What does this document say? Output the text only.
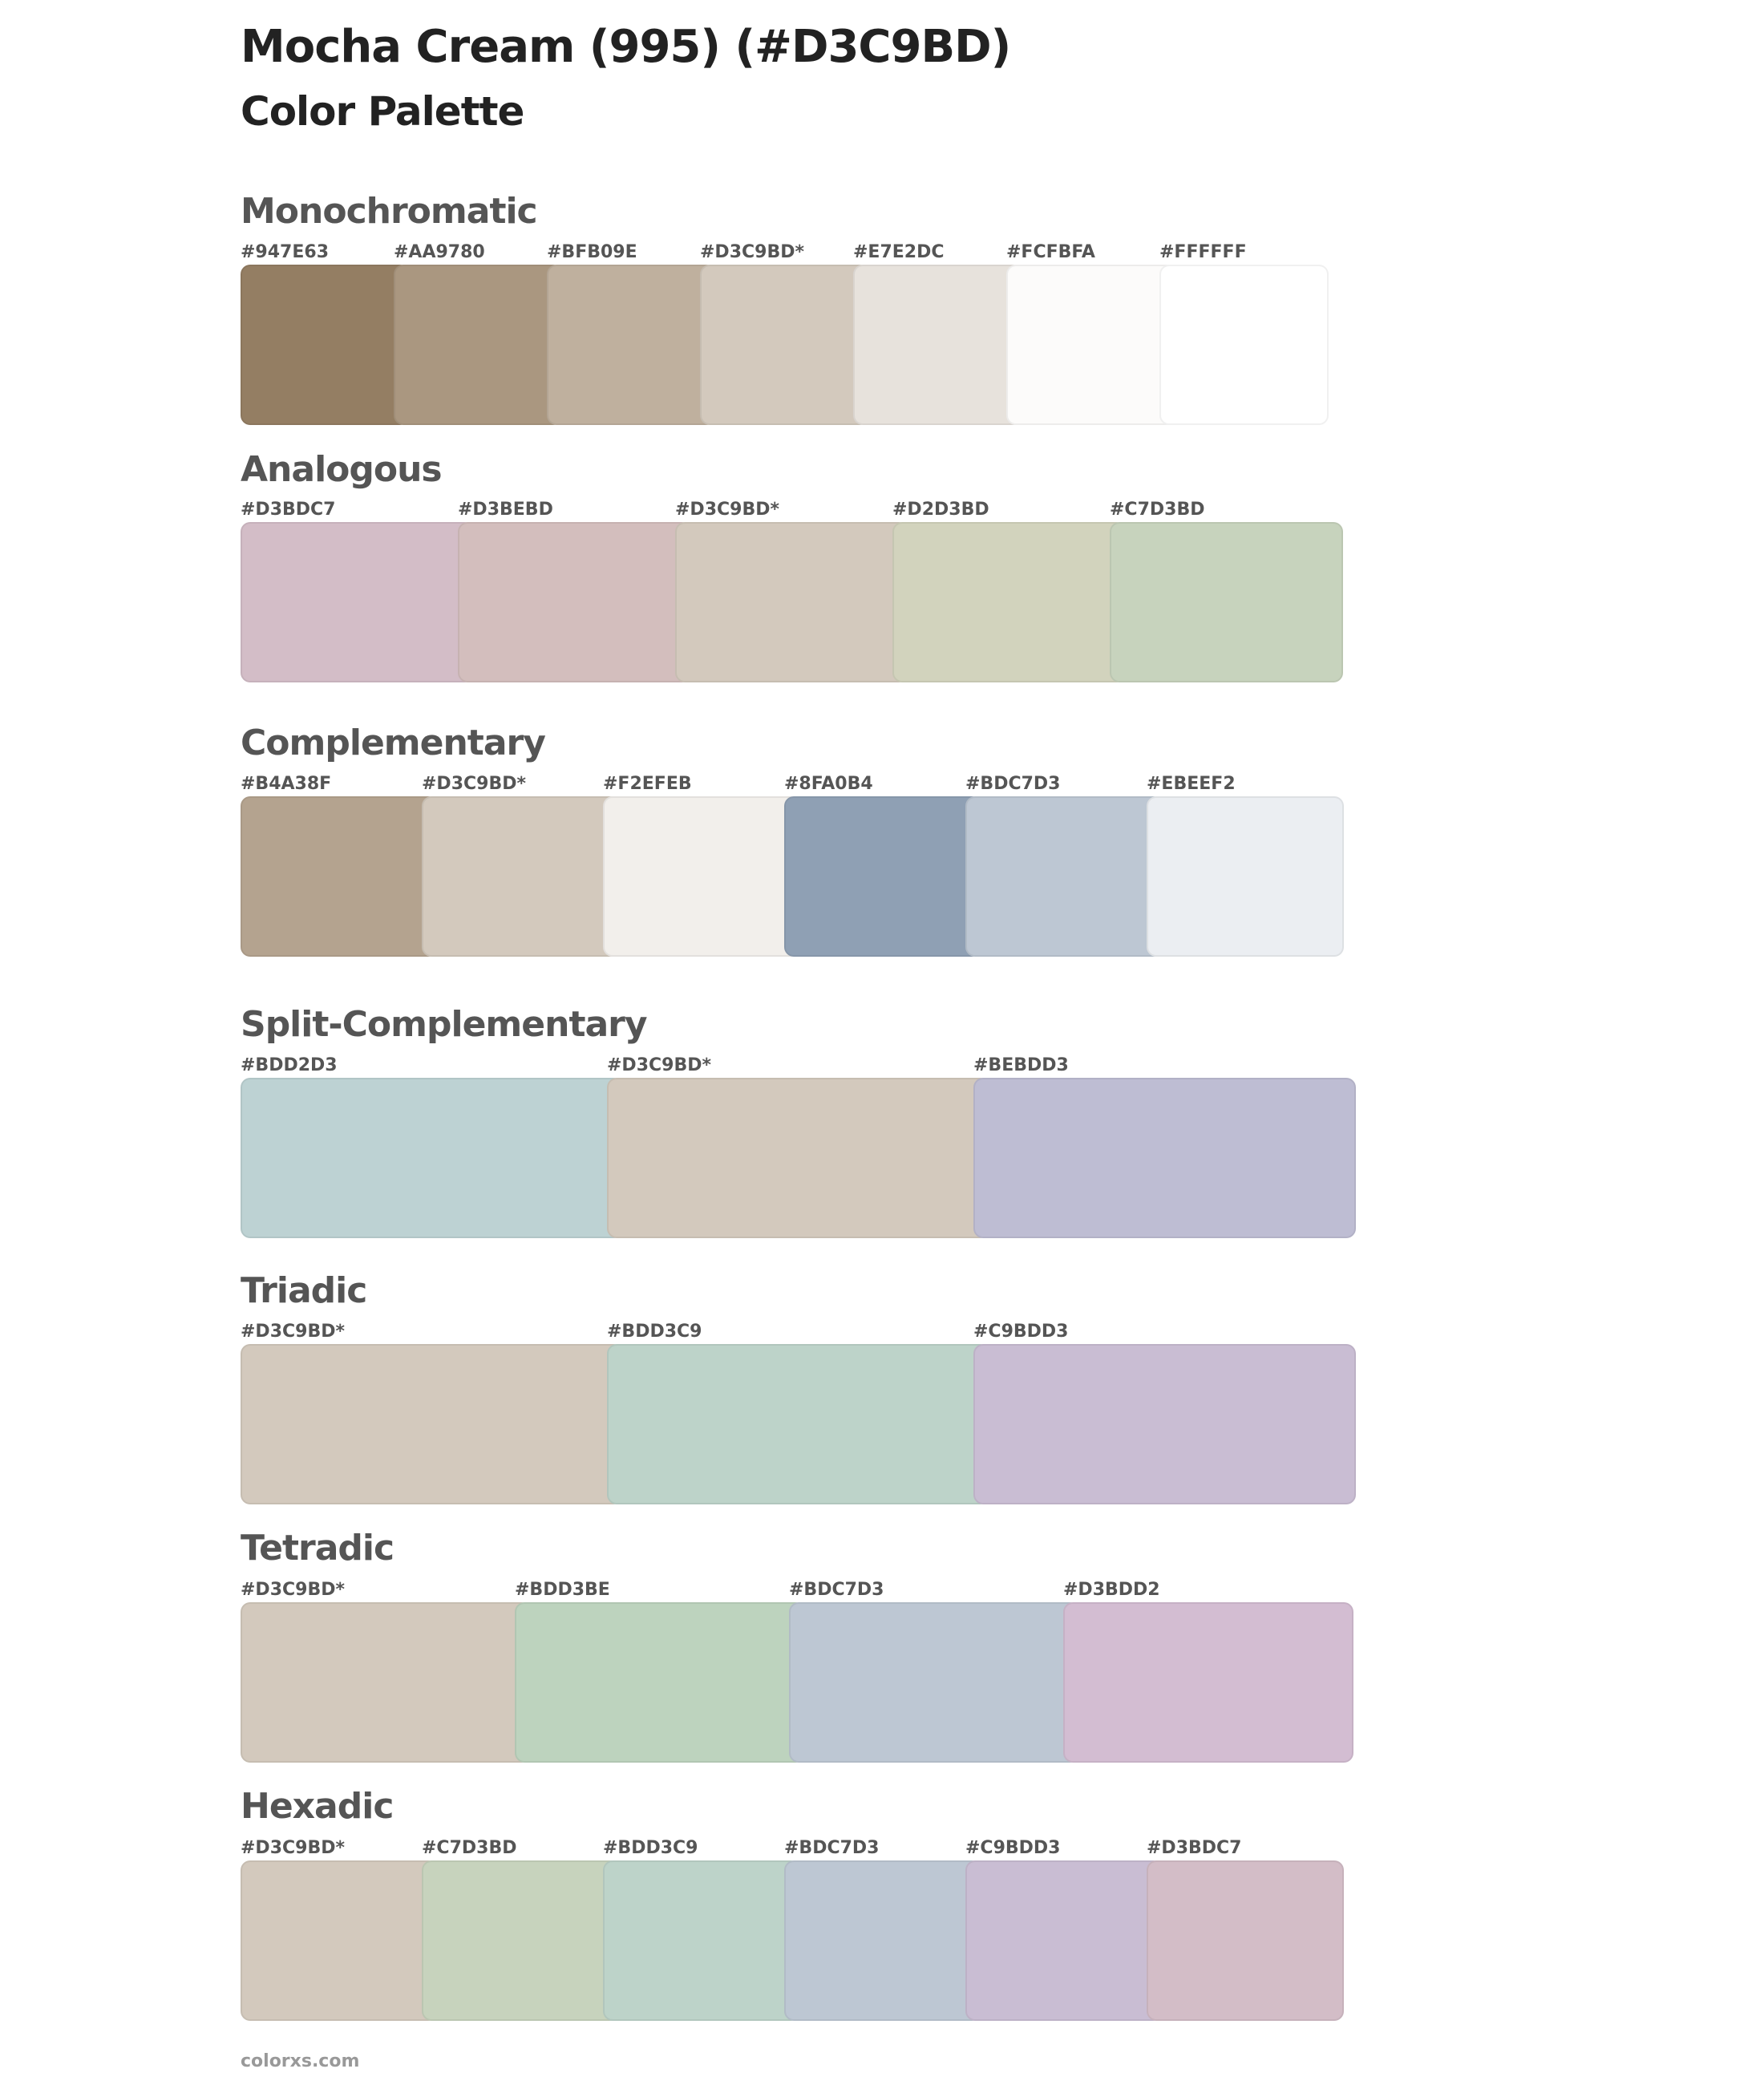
Mocha Cream (995) (#D3C9BD)
Color Palette
Monochromatic
#947E63	#AA9780	#BFB09E	#D3C9BD*	#E7E2DC	#FCFBFA	#FFFFFF
Analogous
#D3BDC7	#D3BEBD	#D3C9BD*	#D2D3BD	#C7D3BD
Complementary
#B4A38F	#D3C9BD*	#F2EFEB	#8FA0B4	#BDC7D3	#EBEEF2
Split-Complementary
#BDD2D3	#D3C9BD*	#BEBDD3
Triadic
#D3C9BD*	#BDD3C9	#C9BDD3
Tetradic
#D3C9BD*	#BDD3BE	#BDC7D3	#D3BDD2
Hexadic
#D3C9BD*	#C7D3BD	#BDD3C9	#BDC7D3	#C9BDD3	#D3BDC7
colorxs.com
